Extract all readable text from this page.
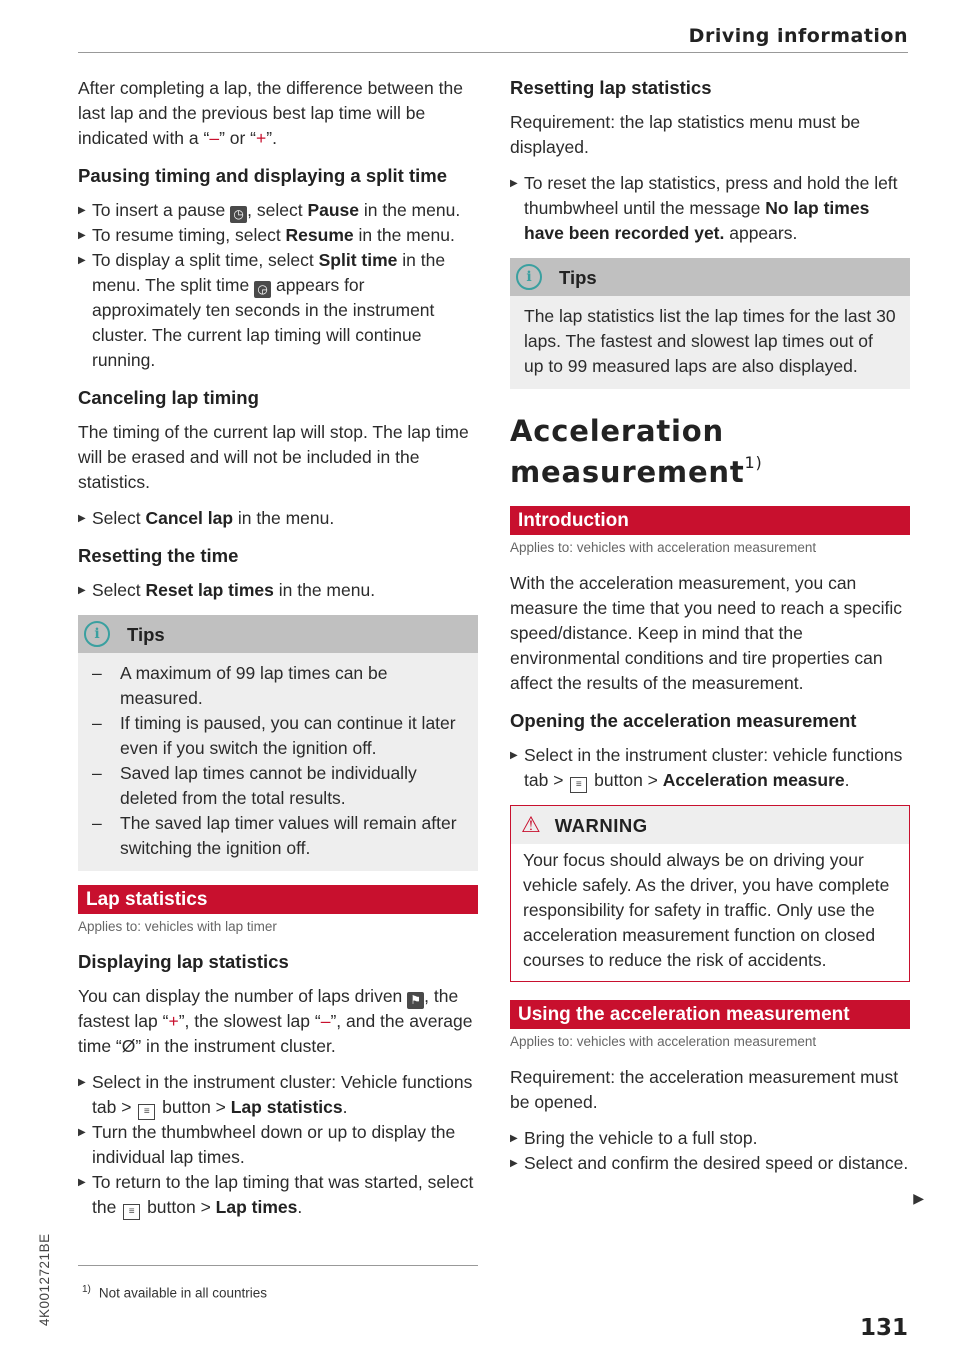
Driving information

After completing a lap, the difference between the last lap and the previous best lap time will be indicated with a “–” or “+”.

Pausing timing and displaying a split time

▶ To insert a pause ◷ , select Pause in the menu.

▶ To resume timing, select Resume in the menu.

▶ To display a split time, select Split time in the menu. The split time ◶ appears for approximately ten seconds in the instrument cluster. The current lap timing will continue running.

Canceling lap timing

The timing of the current lap will stop. The lap time will be erased and will not be included in the statistics.

▶ Select Cancel lap in the menu.

Resetting the time

▶ Select Reset lap times in the menu.

i	Tips
– A maximum of 99 lap times can be measured.
– If timing is paused, you can continue it later even if you switch the ignition off.
– Saved lap times cannot be individually deleted from the total results.
– The saved lap timer values will remain after switching the ignition off.
Lap statistics
Applies to: vehicles with lap timer
Displaying lap statistics

You can display the number of laps driven ⚑ , the fastest lap “+”, the slowest lap “–”, and the average time “Ø” in the instrument cluster.

▶ Select in the instrument cluster: Vehicle functions tab > ≡ button > Lap statistics.

▶ Turn the thumbwheel down or up to display the individual lap times.

▶ To return to the lap timing that was started, select the ≡ button > Lap times.

Resetting lap statistics

Requirement: the lap statistics menu must be displayed.

▶ To reset the lap statistics, press and hold the left thumbwheel until the message No lap times have been recorded yet. appears.

i	Tips
The lap statistics list the lap times for the last 30 laps. The fastest and slowest lap times out of up to 99 measured laps are also displayed.
Acceleration measurement$^{1)}$
Introduction
Applies to: vehicles with acceleration measurement

With the acceleration measurement, you can measure the time that you need to reach a specific speed/distance. Keep in mind that the environmental conditions and tire properties can affect the results of the measurement.

Opening the acceleration measurement

▶ Select in the instrument cluster: vehicle functions tab > ≡ button > Acceleration measure.

⚠ WARNING
Your focus should always be on driving your vehicle safely. As the driver, you have complete responsibility for safety in traffic. Only use the acceleration measurement function on closed courses to reduce the risk of accidents.
Using the acceleration measurement
Applies to: vehicles with acceleration measurement

Requirement: the acceleration measurement must be opened.

▶ Bring the vehicle to a full stop.

▶ Select and confirm the desired speed or distance.

▶
$^{1)}$ Not available in all countries
131
4K0012721BE
